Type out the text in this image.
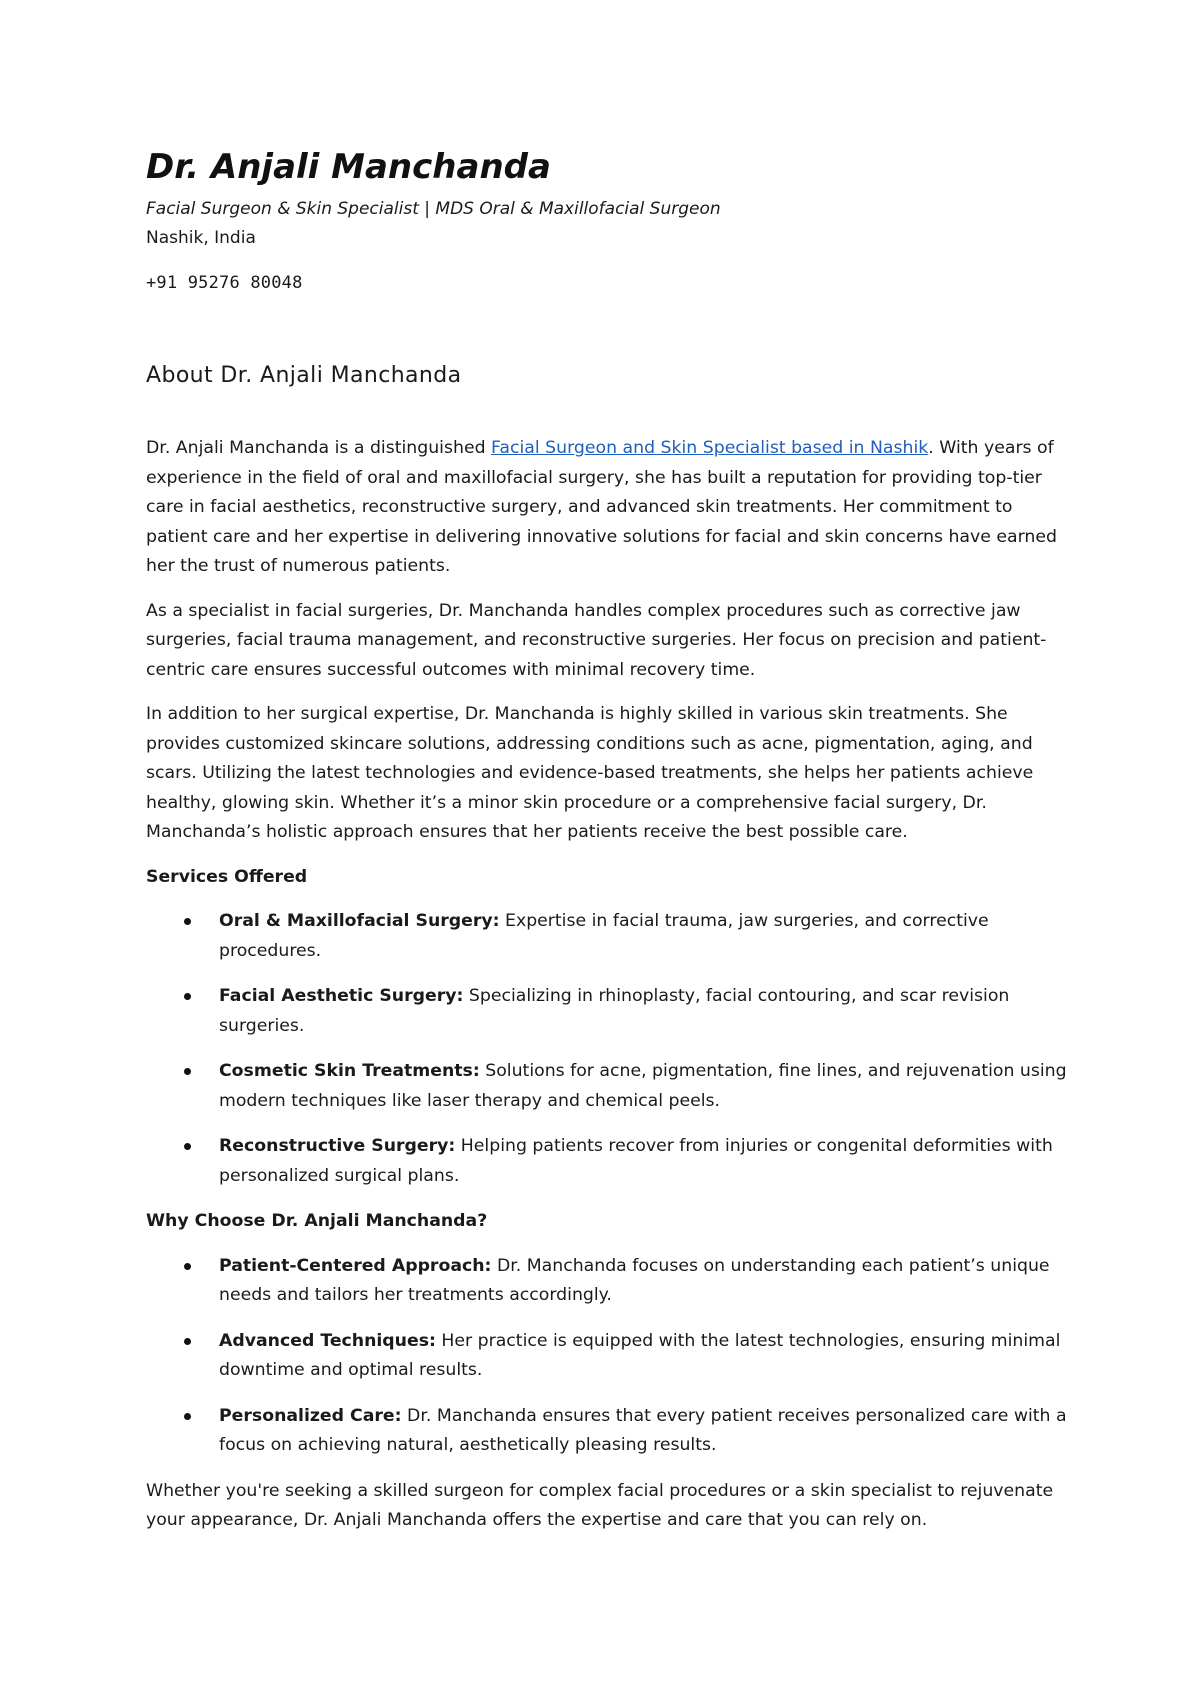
Dr. Anjali Manchanda
Facial Surgeon & Skin Specialist | MDS Oral & Maxillofacial Surgeon
Nashik, India
+91 95276 80048
About Dr. Anjali Manchanda

Dr. Anjali Manchanda is a distinguished Facial Surgeon and Skin Specialist based in Nashik. With years of experience in the field of oral and maxillofacial surgery, she has built a reputation for providing top-tier care in facial aesthetics, reconstructive surgery, and advanced skin treatments. Her commitment to patient care and her expertise in delivering innovative solutions for facial and skin concerns have earned her the trust of numerous patients.

As a specialist in facial surgeries, Dr. Manchanda handles complex procedures such as corrective jaw surgeries, facial trauma management, and reconstructive surgeries. Her focus on precision and patient-centric care ensures successful outcomes with minimal recovery time.

In addition to her surgical expertise, Dr. Manchanda is highly skilled in various skin treatments. She provides customized skincare solutions, addressing conditions such as acne, pigmentation, aging, and scars. Utilizing the latest technologies and evidence-based treatments, she helps her patients achieve healthy, glowing skin. Whether it’s a minor skin procedure or a comprehensive facial surgery, Dr. Manchanda’s holistic approach ensures that her patients receive the best possible care.

Services Offered
Oral & Maxillofacial Surgery: Expertise in facial trauma, jaw surgeries, and corrective procedures.
Facial Aesthetic Surgery: Specializing in rhinoplasty, facial contouring, and scar revision surgeries.
Cosmetic Skin Treatments: Solutions for acne, pigmentation, fine lines, and rejuvenation using modern techniques like laser therapy and chemical peels.
Reconstructive Surgery: Helping patients recover from injuries or congenital deformities with personalized surgical plans.
Why Choose Dr. Anjali Manchanda?
Patient-Centered Approach: Dr. Manchanda focuses on understanding each patient’s unique needs and tailors her treatments accordingly.
Advanced Techniques: Her practice is equipped with the latest technologies, ensuring minimal downtime and optimal results.
Personalized Care: Dr. Manchanda ensures that every patient receives personalized care with a focus on achieving natural, aesthetically pleasing results.

Whether you're seeking a skilled surgeon for complex facial procedures or a skin specialist to rejuvenate your appearance, Dr. Anjali Manchanda offers the expertise and care that you can rely on.
